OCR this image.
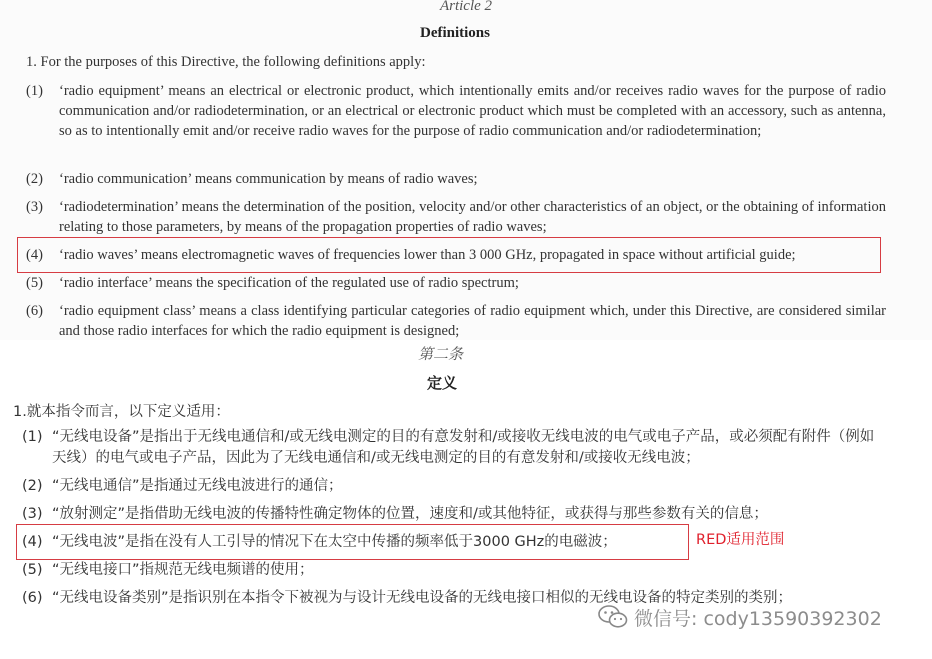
Article 2
Definitions
1. For the purposes of this Directive, the following definitions apply:
(1) ‘radio equipment’ means an electrical or electronic product, which intentionally emits and/or receives radio waves for the purpose of radio communication and/or radiodetermination, or an electrical or electronic product which must be completed with an accessory, such as antenna, so as to intentionally emit and/or receive radio waves for the purpose of radio communication and/or radiodetermination;
(2) ‘radio communication’ means communication by means of radio waves;
(3) ‘radiodetermination’ means the determination of the position, velocity and/or other characteristics of an object, or the obtaining of information relating to those parameters, by means of the propagation properties of radio waves;
(4) ‘radio waves’ means electromagnetic waves of frequencies lower than 3 000 GHz, propagated in space without artificial guide;
(5) ‘radio interface’ means the specification of the regulated use of radio spectrum;
(6) ‘radio equipment class’ means a class identifying particular categories of radio equipment which, under this Directive, are considered similar and those radio interfaces for which the radio equipment is designed;
第二条
定义
1.就本指令而言，以下定义适用：
(1) “无线电设备”是指出于无线电通信和/或无线电测定的目的有意发射和/或接收无线电波的电气或电子产品，或必须配有附件（例如天线）的电气或电子产品，因此为了无线电通信和/或无线电测定的目的有意发射和/或接收无线电波；
(2) “无线电通信”是指通过无线电波进行的通信；
(3) “放射测定”是指借助无线电波的传播特性确定物体的位置，速度和/或其他特征，或获得与那些参数有关的信息；
(4) “无线电波”是指在没有人工引导的情况下在太空中传播的频率低于3000 GHz的电磁波；
(5) “无线电接口”指规范无线电频谱的使用；
(6) “无线电设备类别”是指识别在本指令下被视为与设计无线电设备的无线电接口相似的无线电设备的特定类别的类别；
RED适用范围
微信号: cody13590392302
